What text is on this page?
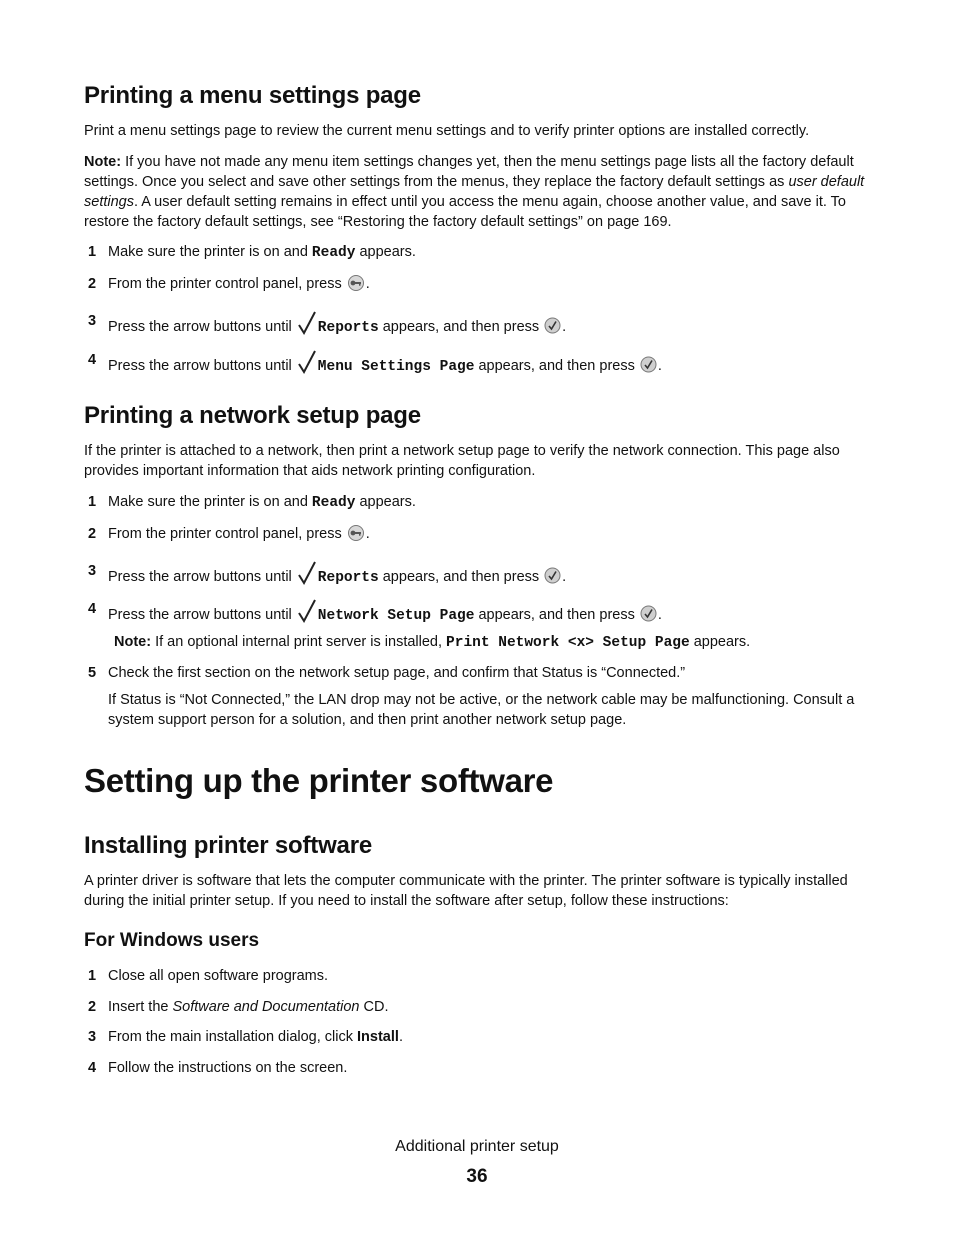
Printing a menu settings page
Print a menu settings page to review the current menu settings and to verify printer options are installed correctly.
Note: If you have not made any menu item settings changes yet, then the menu settings page lists all the factory default settings. Once you select and save other settings from the menus, they replace the factory default settings as user default settings. A user default setting remains in effect until you access the menu again, choose another value, and save it. To restore the factory default settings, see “Restoring the factory default settings” on page 169.
1 Make sure the printer is on and Ready appears.
2 From the printer control panel, press .
3 Press the arrow buttons until Reports appears, and then press .
4 Press the arrow buttons until Menu Settings Page appears, and then press .
Printing a network setup page
If the printer is attached to a network, then print a network setup page to verify the network connection. This page also provides important information that aids network printing configuration.
1 Make sure the printer is on and Ready appears.
2 From the printer control panel, press .
3 Press the arrow buttons until Reports appears, and then press .
4 Press the arrow buttons until Network Setup Page appears, and then press .
Note: If an optional internal print server is installed, Print Network <x> Setup Page appears.
5 Check the first section on the network setup page, and confirm that Status is “Connected.”
If Status is “Not Connected,” the LAN drop may not be active, or the network cable may be malfunctioning. Consult a system support person for a solution, and then print another network setup page.
Setting up the printer software
Installing printer software
A printer driver is software that lets the computer communicate with the printer. The printer software is typically installed during the initial printer setup. If you need to install the software after setup, follow these instructions:
For Windows users
1 Close all open software programs.
2 Insert the Software and Documentation CD.
3 From the main installation dialog, click Install.
4 Follow the instructions on the screen.
Additional printer setup
36
